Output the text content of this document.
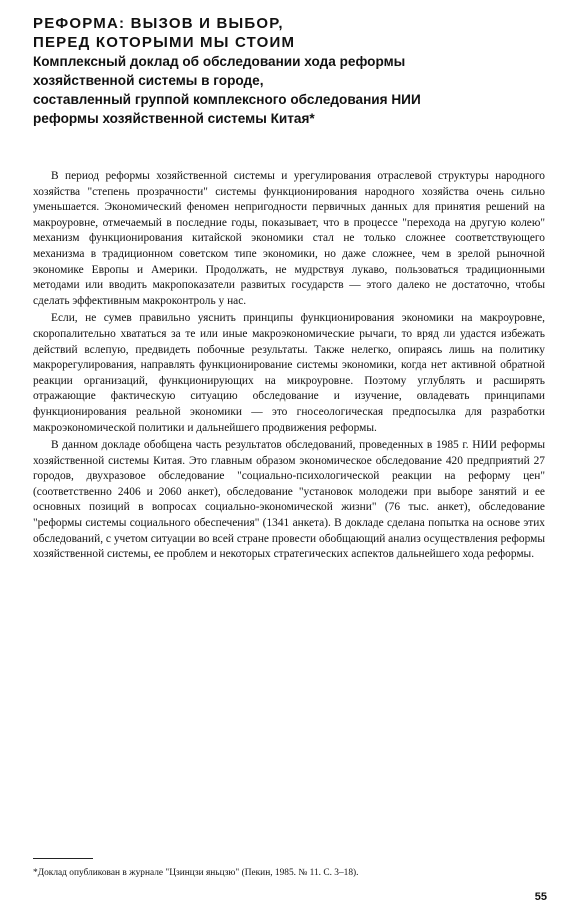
РЕФОРМА: ВЫЗОВ И ВЫБОР,
ПЕРЕД КОТОРЫМИ МЫ СТОИМ
Комплексный доклад об обследовании хода реформы
хозяйственной системы в городе,
составленный группой комплексного обследования НИИ
реформы хозяйственной системы Китая*

В период реформы хозяйственной системы и урегулирования отраслевой структуры народного хозяйства "степень прозрачности" системы функционирования народного хозяйства очень сильно уменьшается. Экономический феномен непригодности первичных данных для принятия решений на макроуровне, отмечаемый в последние годы, показывает, что в процессе "перехода на другую колею" механизм функционирования китайской экономики стал не только сложнее соответствующего механизма в традиционном советском типе экономики, но даже сложнее, чем в зрелой рыночной экономике Европы и Америки. Продолжать, не мудрствуя лукаво, пользоваться традиционными методами или вводить макропоказатели развитых государств — этого далеко не достаточно, чтобы сделать эффективным макроконтроль у нас.

Если, не сумев правильно уяснить принципы функционирования экономики на макроуровне, скоропалительно хвататься за те или иные макроэкономические рычаги, то вряд ли удастся избежать действий вслепую, предвидеть побочные результаты. Также нелегко, опираясь лишь на политику макрорегулирования, направлять функционирование системы экономики, когда нет активной обратной реакции организаций, функционирующих на микроуровне. Поэтому углублять и расширять отражающие фактическую ситуацию обследование и изучение, овладевать принципами функционирования реальной экономики — это гносеологическая предпосылка для разработки макроэкономической политики и дальнейшего продвижения реформы.

В данном докладе обобщена часть результатов обследований, проведенных в 1985 г. НИИ реформы хозяйственной системы Китая. Это главным образом экономическое обследование 420 предприятий 27 городов, двухразовое обследование "социально-психологической реакции на реформу цен" (соответственно 2406 и 2060 анкет), обследование "установок молодежи при выборе занятий и ее основных позиций в вопросах социально-экономической жизни" (76 тыс. анкет), обследование "реформы системы социального обеспечения" (1341 анкета). В докладе сделана попытка на основе этих обследований, с учетом ситуации во всей стране провести обобщающий анализ осуществления реформы хозяйственной системы, ее проблем и некоторых стратегических аспектов дальнейшего хода реформы.

*Доклад опубликован в журнале "Цзинцзи яньцзю" (Пекин, 1985. № 11. С. 3–18).
55
